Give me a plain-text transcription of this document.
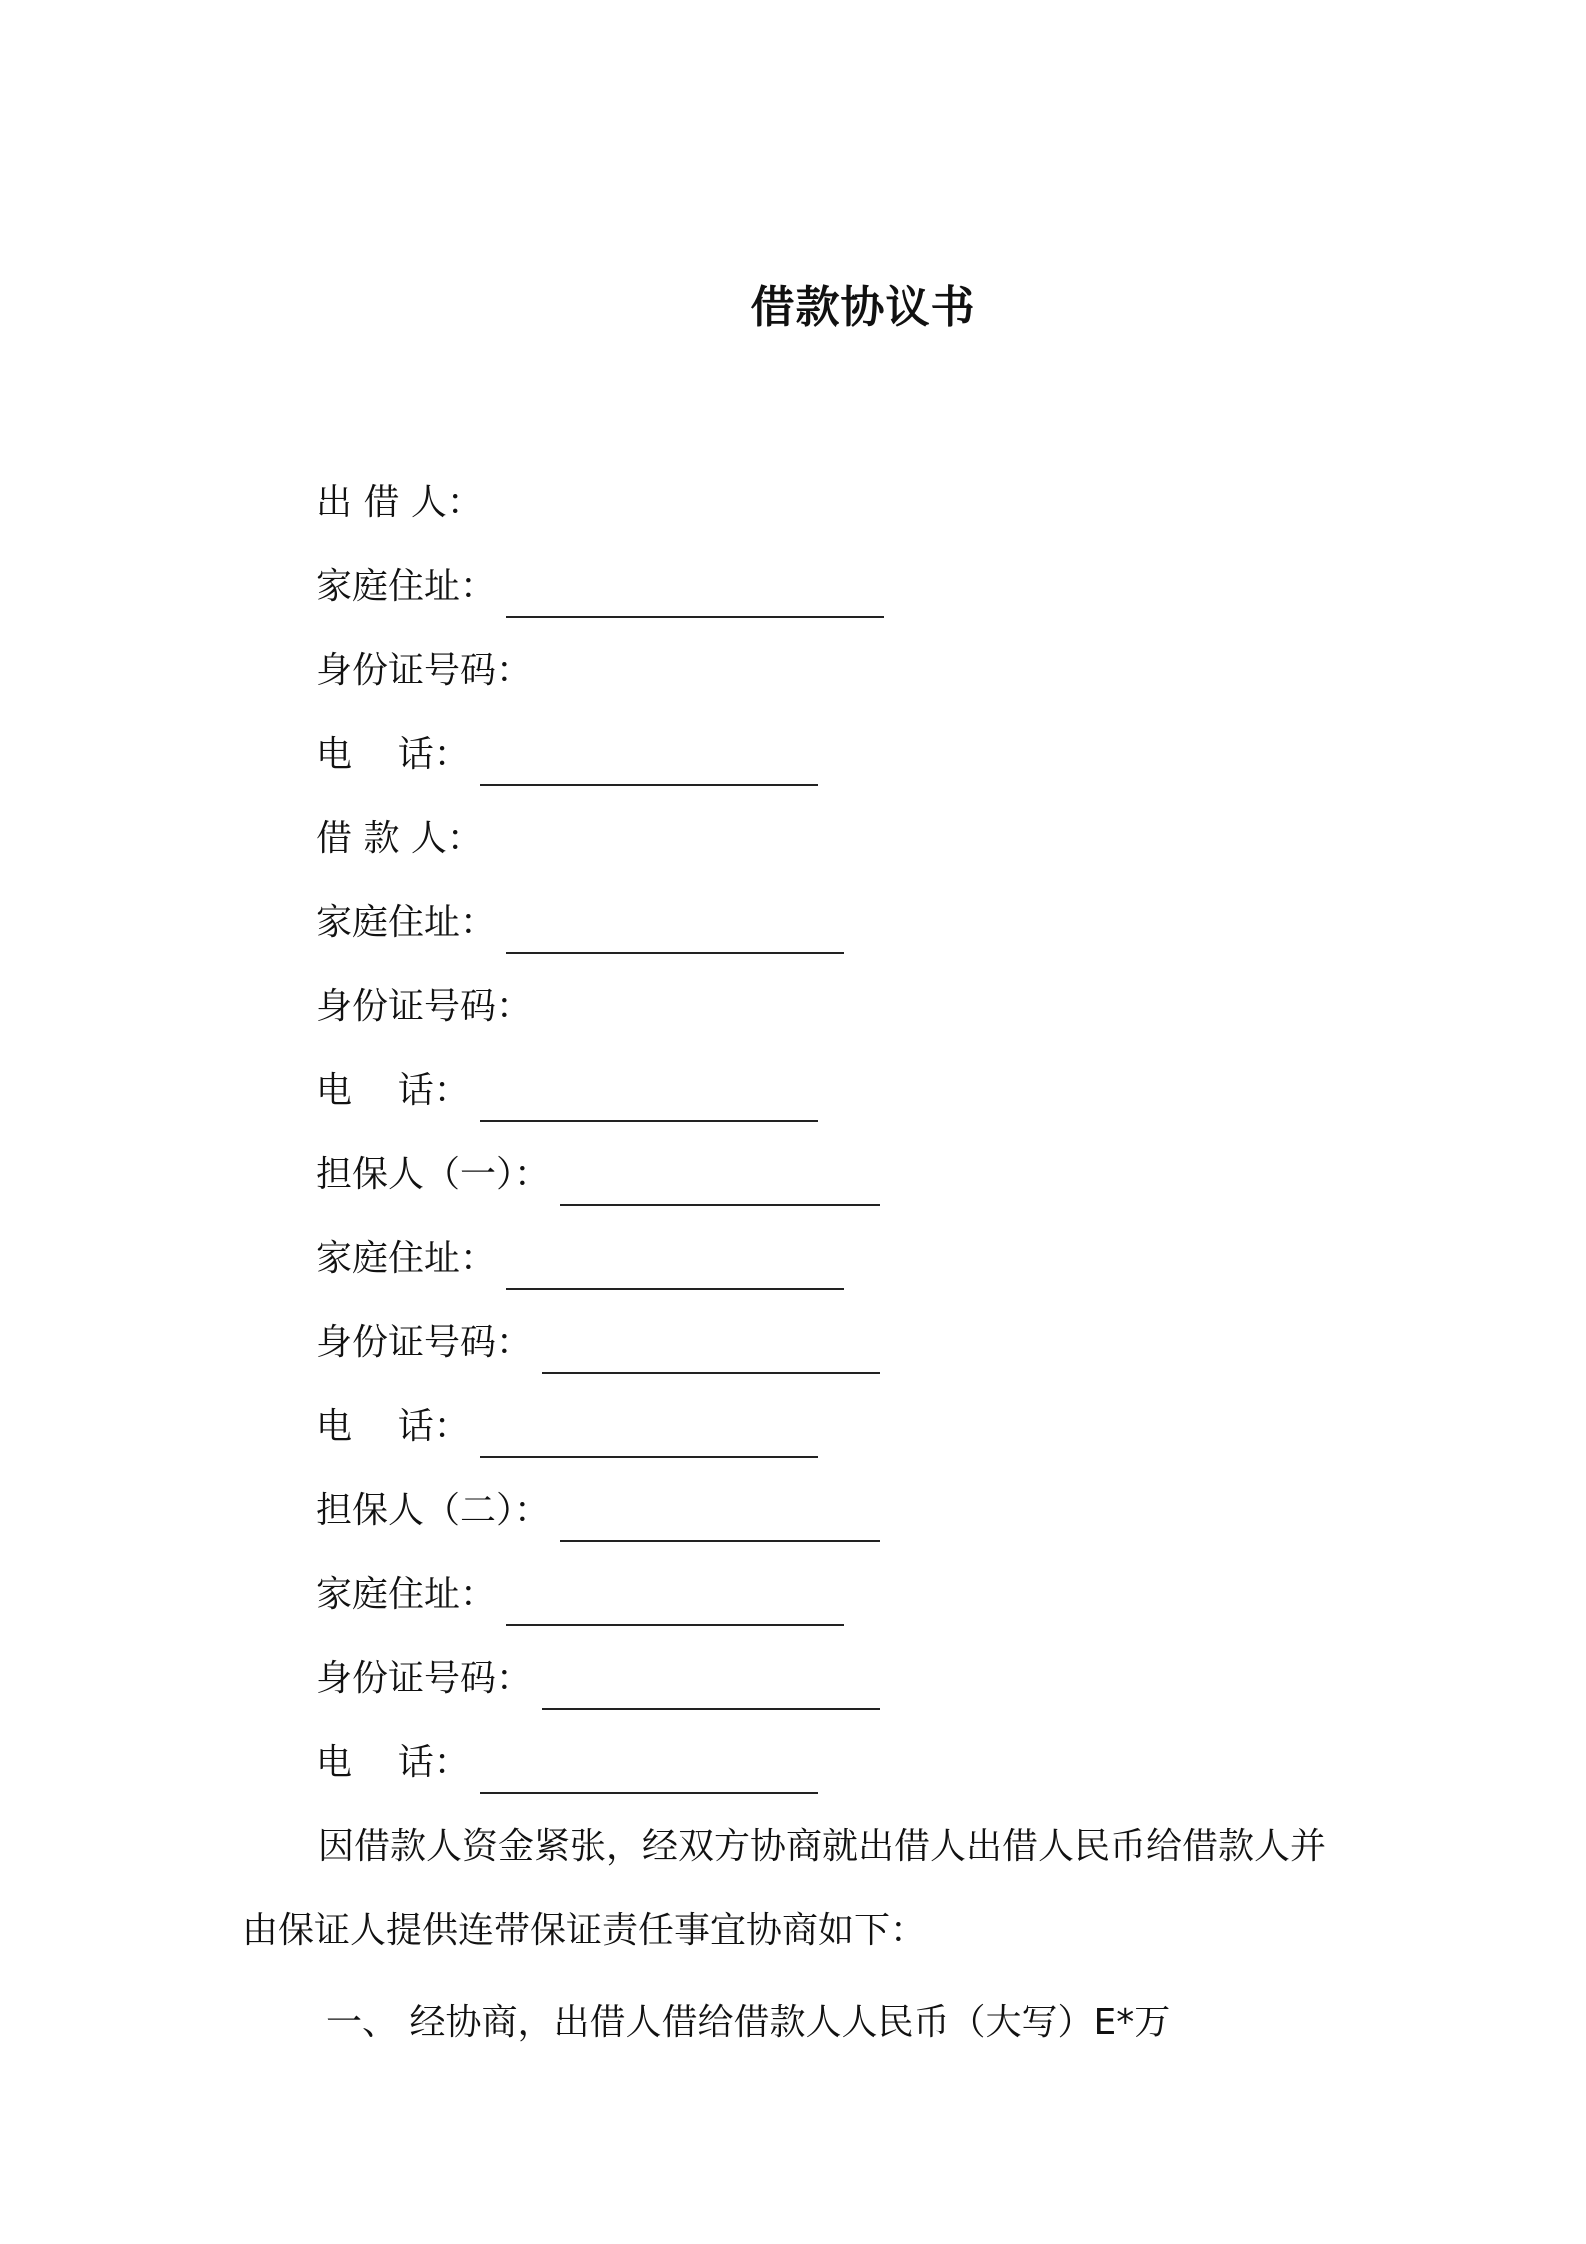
借款协议书
出 借 人：
家庭住址：
身份证号码：
电    话：
借 款 人：
家庭住址：
身份证号码：
电    话：
担保人（一）：
家庭住址：
身份证号码：
电    话：
担保人（二）：
家庭住址：
身份证号码：
电    话：
因借款人资金紧张，经双方协商就出借人出借人民币给借款人并
由保证人提供连带保证责任事宜协商如下：
一、 经协商，出借人借给借款人人民币（大写）E*万
